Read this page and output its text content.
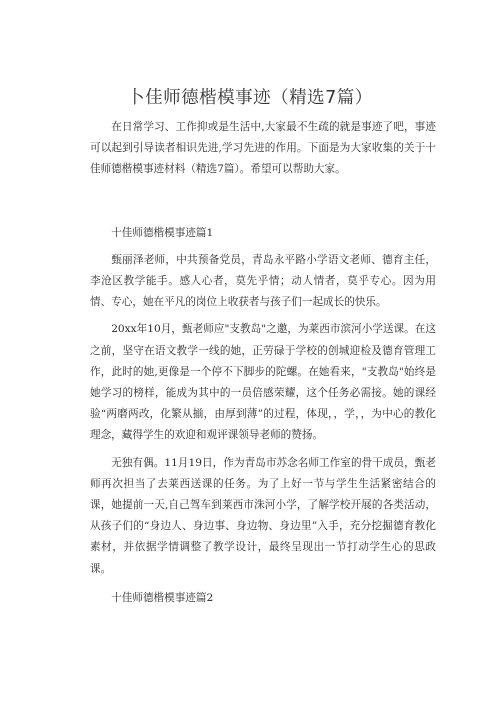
卜佳师德楷模事迹（精选7篇）

在日常学习、工作抑或是生活中,大家最不生疏的就是事迹了吧，事迹可以起到引导读者相识先进,学习先进的作用。下面是为大家收集的关于十佳师德楷模事迹材料（精选7篇）。希望可以帮助大家。

十佳师德楷模事迹篇1

甄丽泽老师，中共预备党员，青岛永平路小学语文老师、德育主任，李沧区教学能手。感人心者，莫先乎情；动人情者，莫乎专心。因为用情、专心，她在平凡的岗位上收获者与孩子们一起成长的快乐。

20xx年10月，甄老师应"支教岛"之邀，为莱西市滨河小学送课。在这之前，坚守在语文教学一线的她，正劳碌于学校的创城迎检及德育管理工作，此时的她,更像是一个停不下脚步的陀螺。在她看来，"支教岛"始终是她学习的榜样，能成为其中的一员倍感荣耀，这个任务必需接。她的课经验“两磨两改，化繁从揃，由厚到薄”的过程，体现，，学，，为中心的教化理念，藏得学生的欢迎和观评课领导老师的赞扬。

无独有偶。11月19日，作为青岛市苏念名师工作室的骨干成员，甄老师再次担当了去莱西送课的任务。为了上好一节与学生生活紧密结合的课，她提前一天,自己驾车到莱西市洙河小学，了解学校开展的各类活动，从孩子们的“身边人、身边事、身边物、身边里”入手，充分挖掘德育教化素材，并依据学情调整了教学设计，最终呈现出一节打动学生心的思政课。

十佳师德楷模事迹篇2
